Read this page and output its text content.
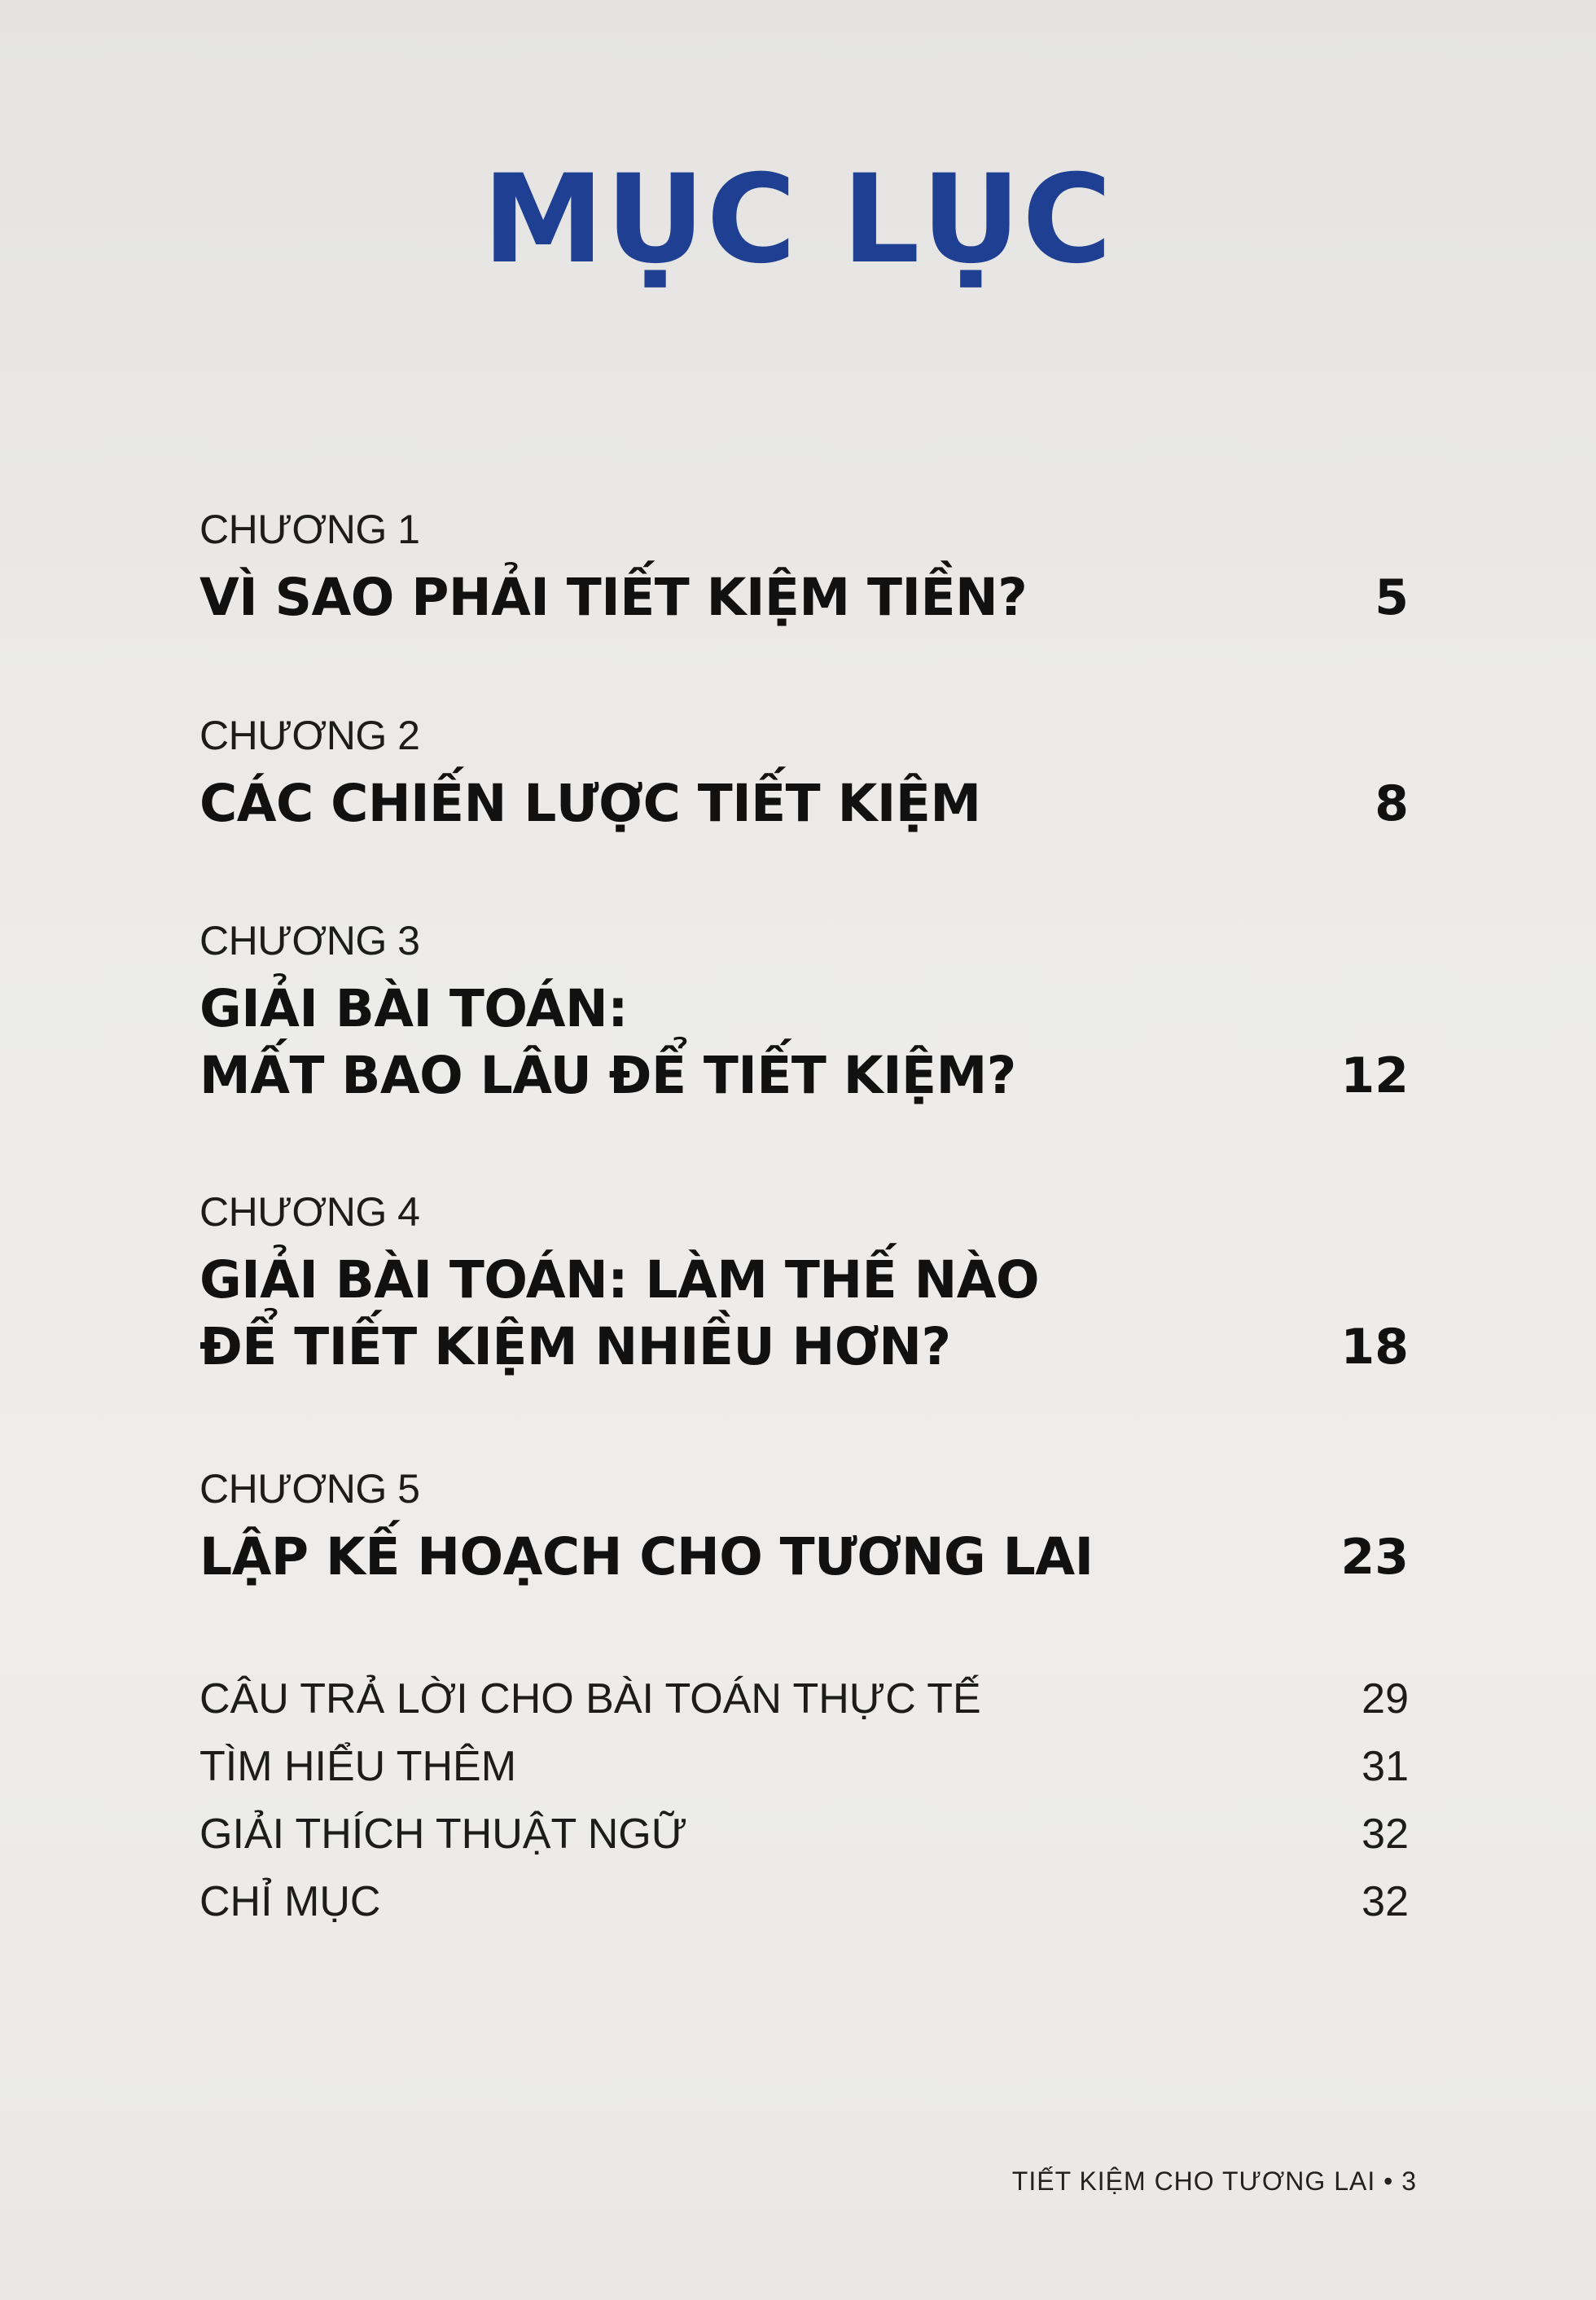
MỤC LỤC
CHƯƠNG 1
VÌ SAO PHẢI TIẾT KIỆM TIỀN?	5
CHƯƠNG 2
CÁC CHIẾN LƯỢC TIẾT KIỆM	8
CHƯƠNG 3
GIẢI BÀI TOÁN:
MẤT BAO LÂU ĐỂ TIẾT KIỆM?	12
CHƯƠNG 4
GIẢI BÀI TOÁN: LÀM THẾ NÀO
ĐỂ TIẾT KIỆM NHIỀU HƠN?	18
CHƯƠNG 5
LẬP KẾ HOẠCH CHO TƯƠNG LAI	23
CÂU TRẢ LỜI CHO BÀI TOÁN THỰC TẾ	29
TÌM HIỂU THÊM	31
GIẢI THÍCH THUẬT NGỮ	32
CHỈ MỤC	32
TIẾT KIỆM CHO TƯƠNG LAI • 3
